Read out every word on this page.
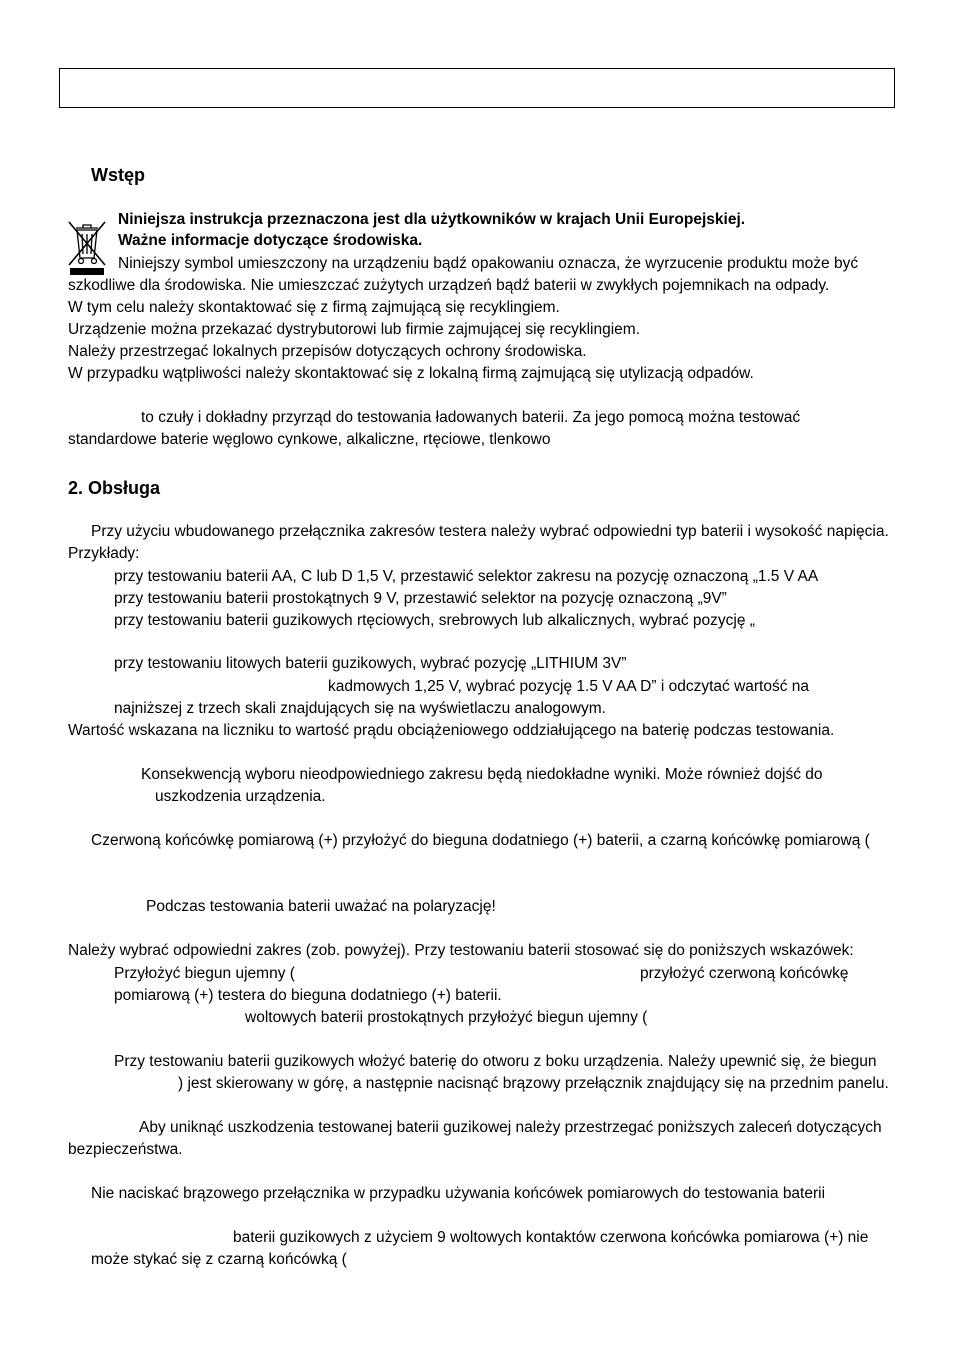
Wstęp
Niniejsza instrukcja przeznaczona jest dla użytkowników w krajach Unii Europejskiej.
Ważne informacje dotyczące środowiska.
Niniejszy symbol umieszczony na urządzeniu bądź opakowaniu oznacza, że wyrzucenie produktu może być
szkodliwe dla środowiska. Nie umieszczać zużytych urządzeń bądź baterii w zwykłych pojemnikach na odpady.
W tym celu należy skontaktować się z firmą zajmującą się recyklingiem.
Urządzenie można przekazać dystrybutorowi lub firmie zajmującej się recyklingiem.
Należy przestrzegać lokalnych przepisów dotyczących ochrony środowiska.
W przypadku wątpliwości należy skontaktować się z lokalną firmą zajmującą się utylizacją odpadów.
to czuły i dokładny przyrząd do testowania ładowanych baterii. Za jego pomocą można testować
standardowe baterie węglowo cynkowe, alkaliczne, rtęciowe, tlenkowo
2. Obsługa
Przy użyciu wbudowanego przełącznika zakresów testera należy wybrać odpowiedni typ baterii i wysokość napięcia.
Przykłady:
przy testowaniu baterii AA, C lub D 1,5 V, przestawić selektor zakresu na pozycję oznaczoną „1.5 V AA
przy testowaniu baterii prostokątnych 9 V, przestawić selektor na pozycję oznaczoną „9V”
przy testowaniu baterii guzikowych rtęciowych, srebrowych lub alkalicznych, wybrać pozycję „
przy testowaniu litowych baterii guzikowych, wybrać pozycję „LITHIUM 3V”
kadmowych 1,25 V, wybrać pozycję 1.5 V AA D” i odczytać wartość na
najniższej z trzech skali znajdujących się na wyświetlaczu analogowym.
Wartość wskazana na liczniku to wartość prądu obciążeniowego oddziałującego na baterię podczas testowania.
Konsekwencją wyboru nieodpowiedniego zakresu będą niedokładne wyniki. Może również dojść do
uszkodzenia urządzenia.
Czerwoną końcówkę pomiarową (+) przyłożyć do bieguna dodatniego (+) baterii, a czarną końcówkę pomiarową (
Podczas testowania baterii uważać na polaryzację!
Należy wybrać odpowiedni zakres (zob. powyżej). Przy testowaniu baterii stosować się do poniższych wskazówek:
Przyłożyć biegun ujemny (	przyłożyć czerwoną końcówkę
pomiarową (+) testera do bieguna dodatniego (+) baterii.
woltowych baterii prostokątnych przyłożyć biegun ujemny (
Przy testowaniu baterii guzikowych włożyć baterię do otworu z boku urządzenia. Należy upewnić się, że biegun
) jest skierowany w górę, a następnie nacisnąć brązowy przełącznik znajdujący się na przednim panelu.
Aby uniknąć uszkodzenia testowanej baterii guzikowej należy przestrzegać poniższych zaleceń dotyczących
bezpieczeństwa.
Nie naciskać brązowego przełącznika w przypadku używania końcówek pomiarowych do testowania baterii
baterii guzikowych z użyciem 9 woltowych kontaktów czerwona końcówka pomiarowa (+) nie
może stykać się z czarną końcówką (
